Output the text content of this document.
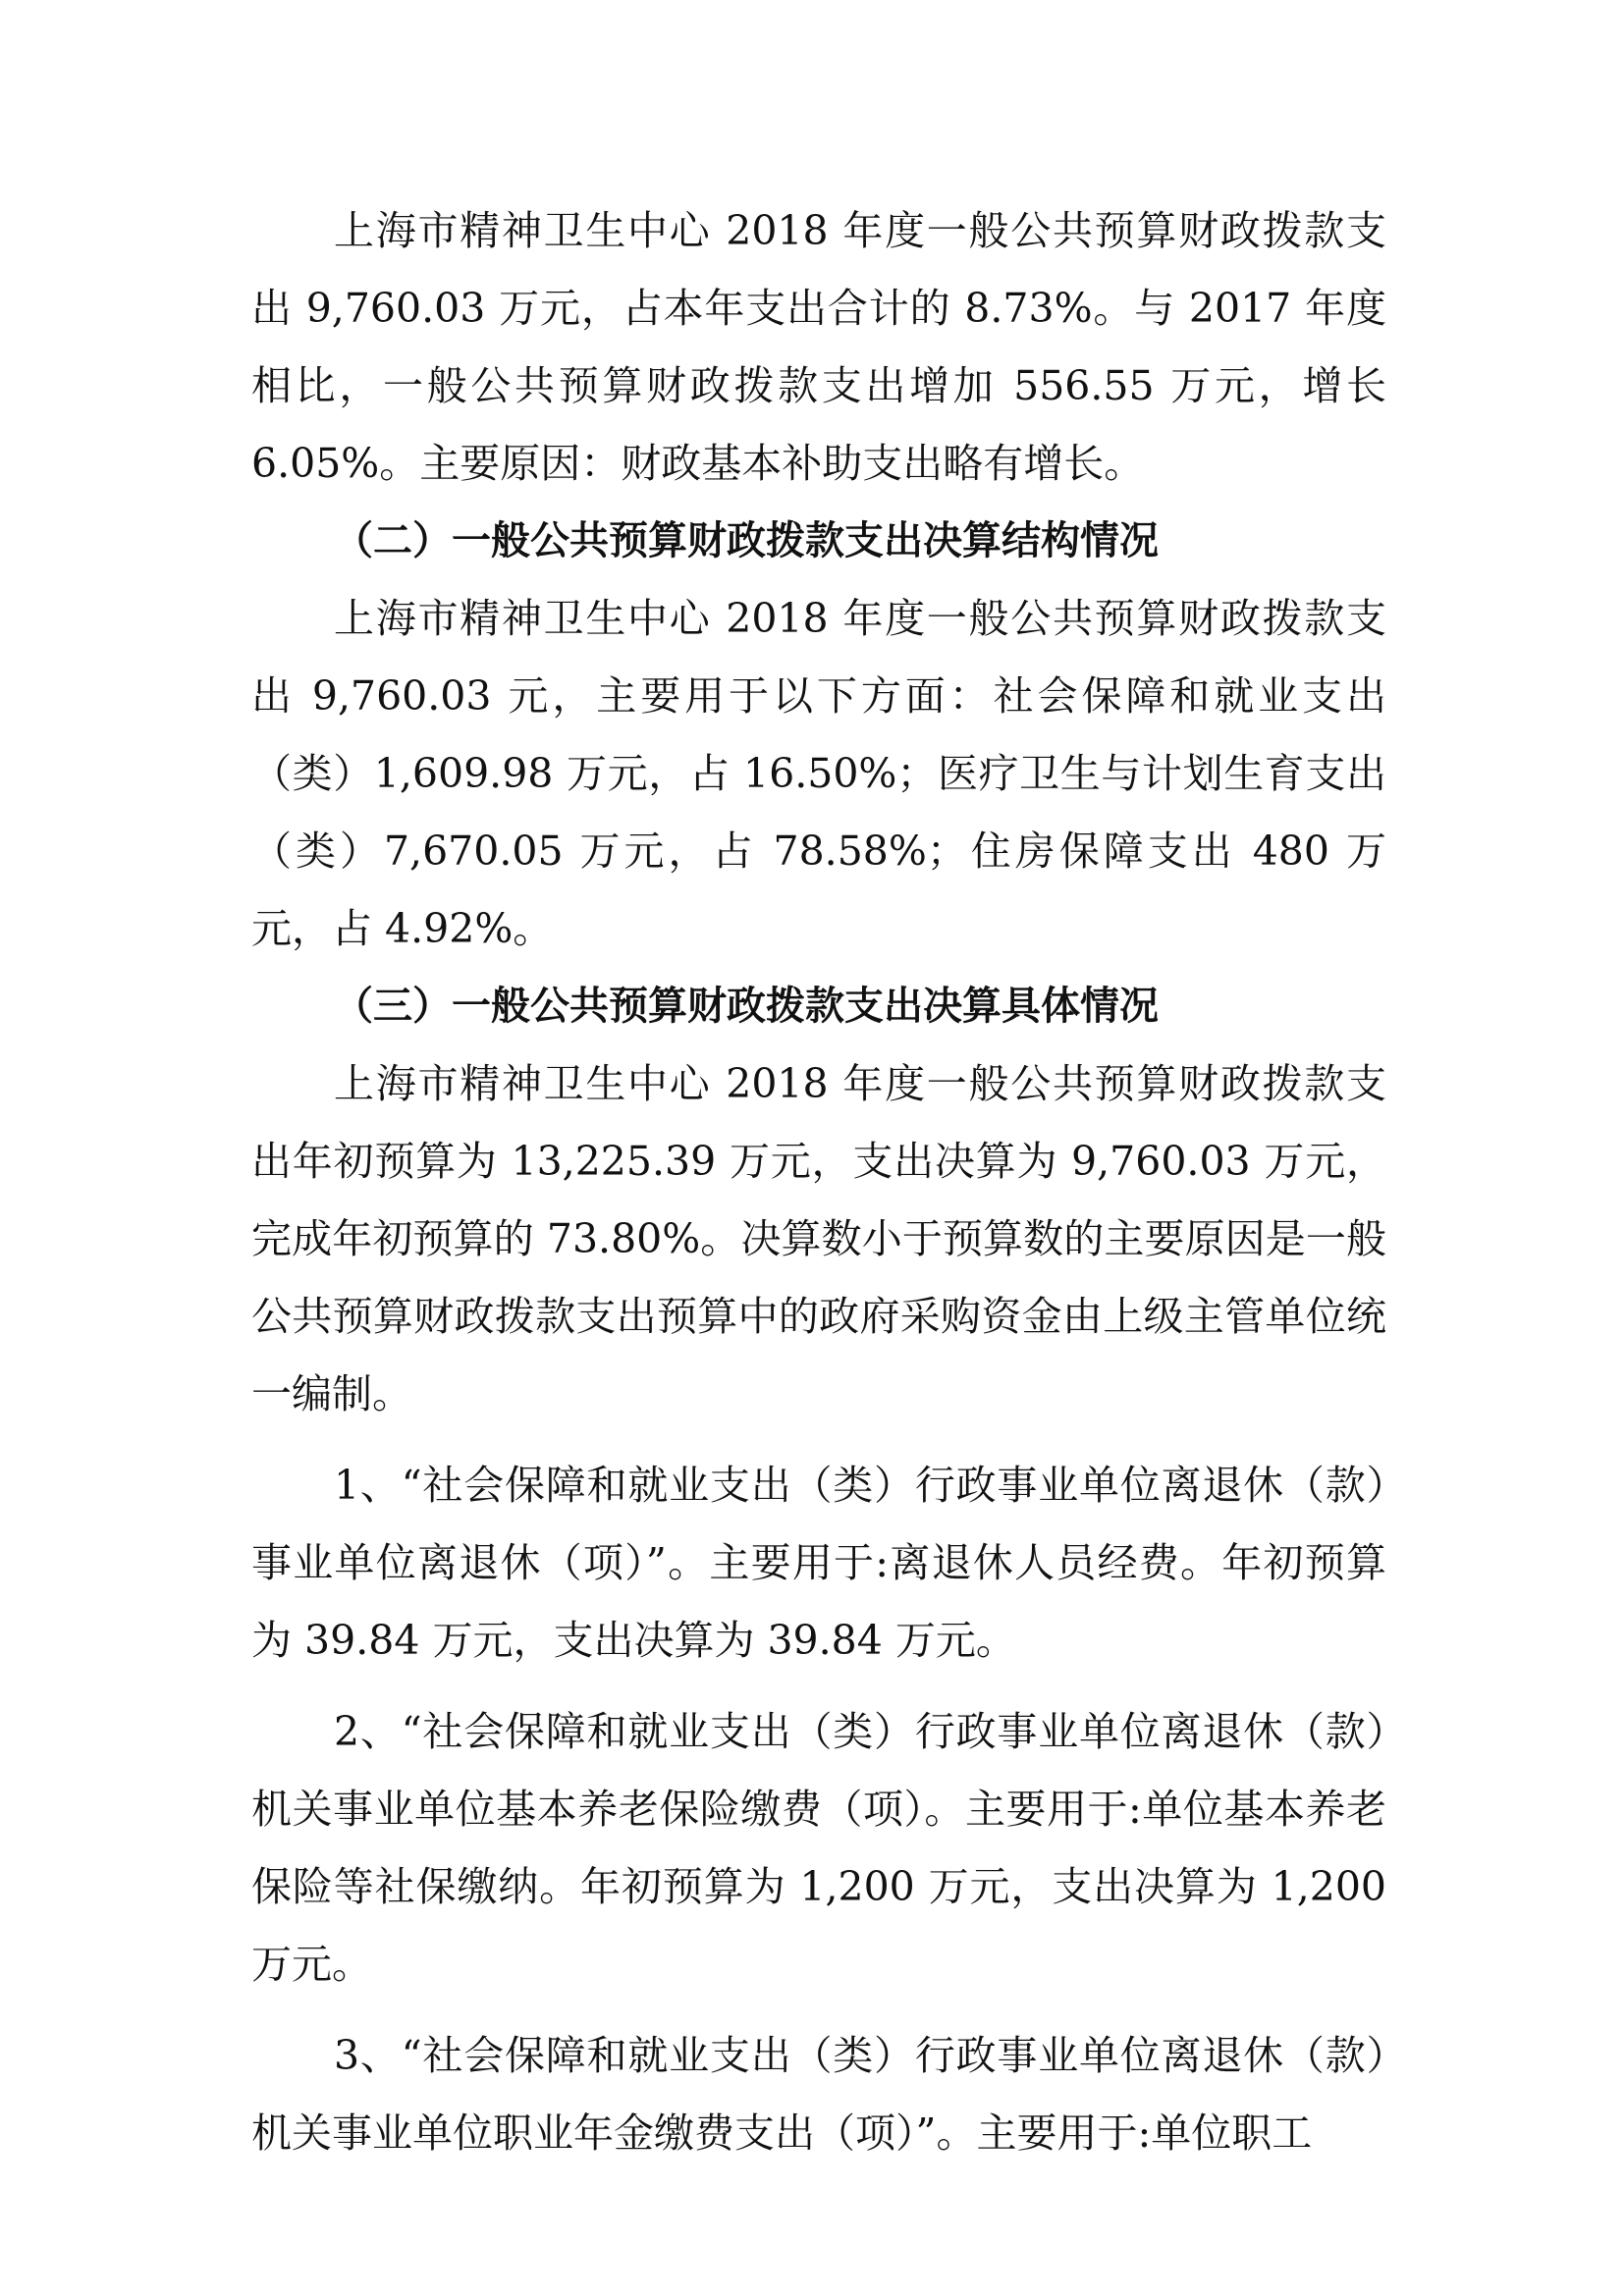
上海市精神卫生中心 2018 年度一般公共预算财政拨款支出 9,760.03 万元，占本年支出合计的 8.73%。与 2017 年度相比，一般公共预算财政拨款支出增加 556.55 万元，增长 6.05%。主要原因：财政基本补助支出略有增长。

（二）一般公共预算财政拨款支出决算结构情况

上海市精神卫生中心 2018 年度一般公共预算财政拨款支出 9,760.03 元，主要用于以下方面：社会保障和就业支出（类）1,609.98 万元，占 16.50%；医疗卫生与计划生育支出（类）7,670.05 万元，占 78.58%；住房保障支出 480 万元，占 4.92%。

（三）一般公共预算财政拨款支出决算具体情况

上海市精神卫生中心 2018 年度一般公共预算财政拨款支出年初预算为 13,225.39 万元，支出决算为 9,760.03 万元，完成年初预算的 73.80%。决算数小于预算数的主要原因是一般公共预算财政拨款支出预算中的政府采购资金由上级主管单位统一编制。

1、“社会保障和就业支出（类）行政事业单位离退休（款）事业单位离退休（项）”。主要用于:离退休人员经费。年初预算为 39.84 万元，支出决算为 39.84 万元。

2、“社会保障和就业支出（类）行政事业单位离退休（款）机关事业单位基本养老保险缴费（项）。主要用于:单位基本养老保险等社保缴纳。年初预算为 1,200 万元，支出决算为 1,200 万元。

3、“社会保障和就业支出（类）行政事业单位离退休（款）机关事业单位职业年金缴费支出（项）”。主要用于:单位职工
